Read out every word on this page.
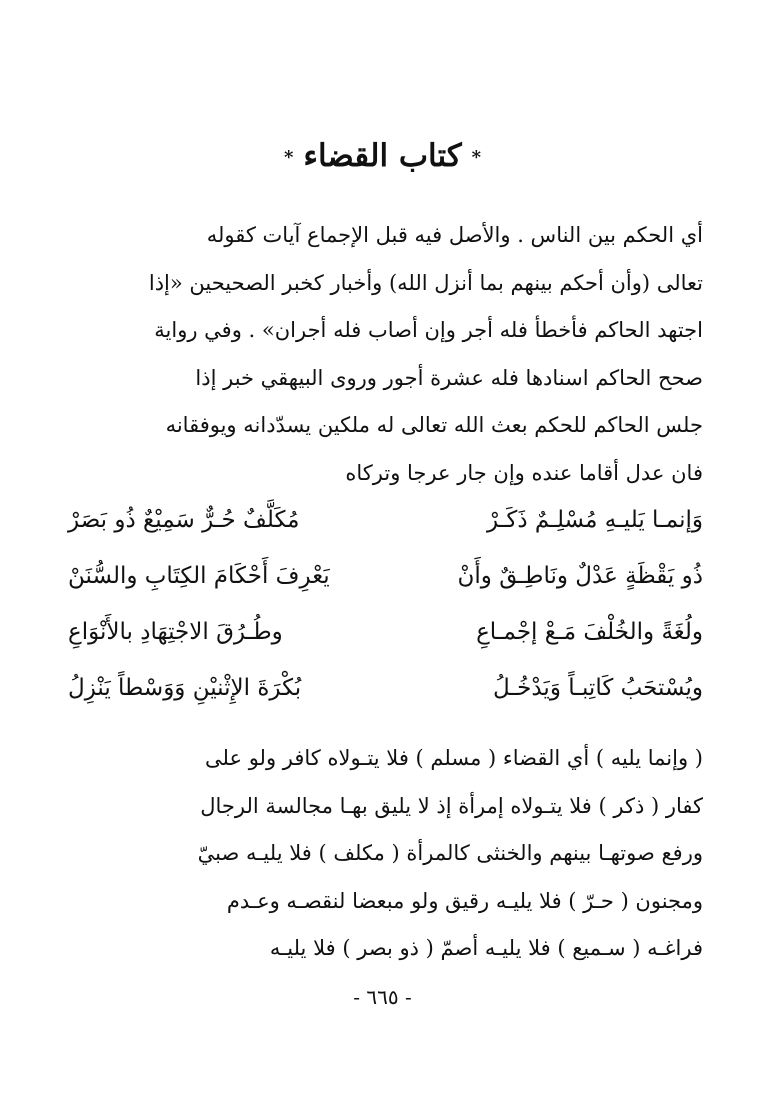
*كتاب القضاء*
أي الحكم بين الناس . والأصل فيه قبل الإجماع آيات كقوله
تعالى (وأن أحكم بينهم بما أنزل الله) وأخبار كخبر الصحيحين «إذا
اجتهد الحاكم فأخطأ فله أجر وإن أصاب فله أجران» . وفي رواية
صحح الحاكم اسنادها فله عشرة أجور وروى البيهقي خبر إذا
جلس الحاكم للحكم بعث الله تعالى له ملكين يسدّدانه ويوفقانه
فان عدل أقاما عنده وإن جار عرجا وتركاه
وَإنمـا يَليـهِ مُسْلِـمٌ ذَكَـرْ
مُكَلَّفٌ حُـرٌّ سَمِيْعٌ ذُو بَصَرْ
ذُو يَقْظَةٍ عَدْلٌ ونَاطِـقٌ وأَنْ
يَعْرِفَ أَحْكَامَ الكِتَابِ والسُّنَنْ
ولُغَةً والخُلْفَ مَـعْ إجْمـاعِ
وطُـرُقَ الاجْتِهَادِ بالأَنْوَاعِ
ويُسْتحَبُ كَاتِبـاً وَيَدْخُـلُ
بُكْرَةَ الإِثْنيْنِ وَوَسْطاً يَنْزِلُ
( وإنما يليه ) أي القضاء ( مسلم ) فلا يتـولاه كافر ولو على
كفار ( ذكر ) فلا يتـولاه إمرأة إذ لا يليق بهـا مجالسة الرجال
ورفع صوتهـا بينهم والخنثى كالمرأة ( مكلف ) فلا يليـه صبيّ
ومجنون ( حـرّ ) فلا يليـه رقيق ولو مبعضا لنقصـه وعـدم
فراغـه ( سـميع ) فلا يليـه أصمّ ( ذو بصر ) فلا يليـه
- ٦٦٥ -
